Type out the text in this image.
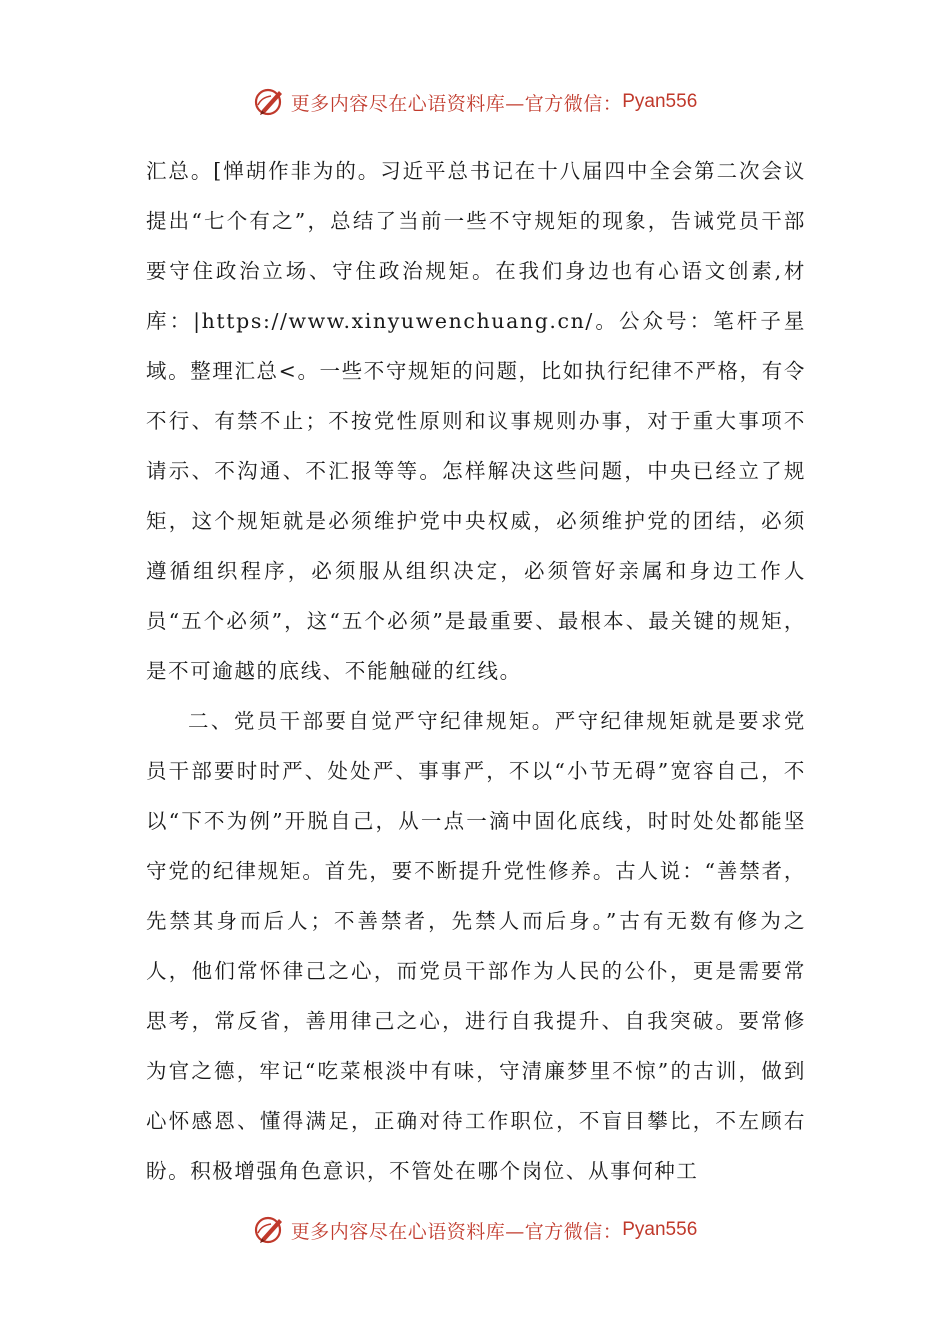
更多内容尽在心语资料库—官方微信： Pyan556

汇总。[惮胡作非为的。习近平总书记在十八届四中全会第二次会议提出“七个有之”，总结了当前一些不守规矩的现象，告诫党员干部要守住政治立场、守住政治规矩。在我们身边也有心语文创素,材库：|https://www.xinyuwenchuang.cn/。公众号：笔杆子星域。整理汇总<。一些不守规矩的问题，比如执行纪律不严格，有令不行、有禁不止；不按党性原则和议事规则办事，对于重大事项不请示、不沟通、不汇报等等。怎样解决这些问题，中央已经立了规矩，这个规矩就是必须维护党中央权威，必须维护党的团结，必须遵循组织程序，必须服从组织决定，必须管好亲属和身边工作人员“五个必须”，这“五个必须”是最重要、最根本、最关键的规矩，是不可逾越的底线、不能触碰的红线。

二、党员干部要自觉严守纪律规矩。严守纪律规矩就是要求党员干部要时时严、处处严、事事严，不以“小节无碍”宽容自己，不以“下不为例”开脱自己，从一点一滴中固化底线，时时处处都能坚守党的纪律规矩。首先，要不断提升党性修养。古人说：“善禁者，先禁其身而后人；不善禁者，先禁人而后身。”古有无数有修为之人，他们常怀律己之心，而党员干部作为人民的公仆，更是需要常思考，常反省，善用律己之心，进行自我提升、自我突破。要常修为官之德，牢记“吃菜根淡中有味，守清廉梦里不惊”的古训，做到心怀感恩、懂得满足，正确对待工作职位，不盲目攀比，不左顾右盼。积极增强角色意识，不管处在哪个岗位、从事何种工

更多内容尽在心语资料库—官方微信： Pyan556
